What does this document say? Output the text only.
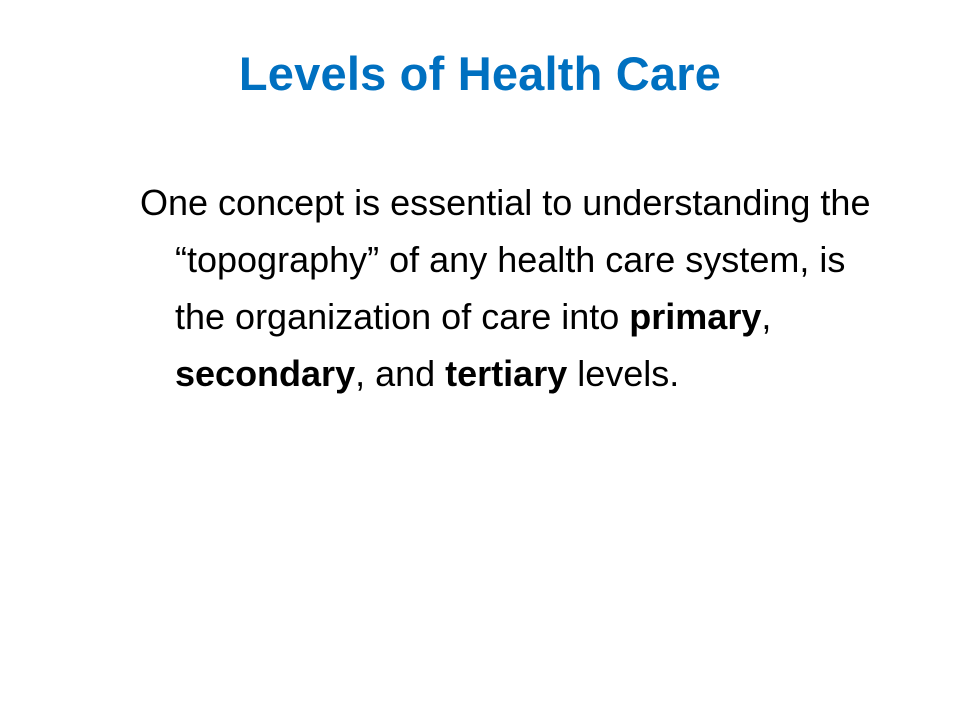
Levels of Health Care

One concept is essential to understanding the “topography” of any health care system, is the organization of care into primary, secondary, and tertiary levels.
